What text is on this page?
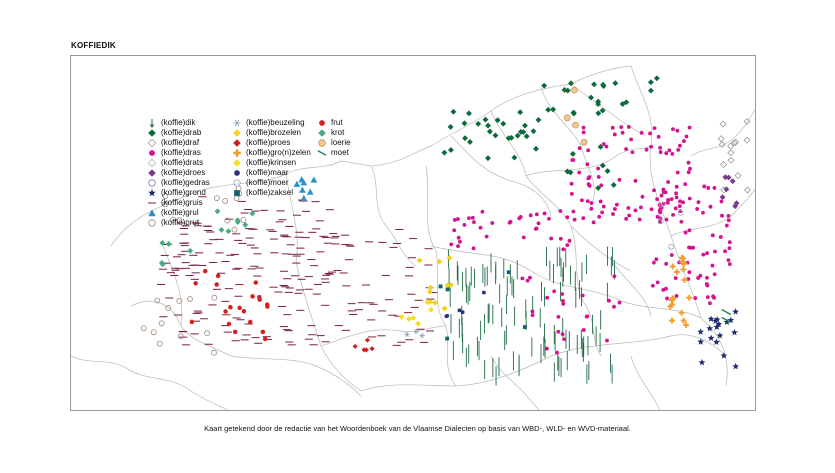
KOFFIEDIK
(koffie)dik
(koffie)drab
(koffie)draf
(koffie)dras
(koffie)drats
(koffie)droes
(koffie)gedras
(koffie)grond
(koffie)gruis
(koffie)grul
(koffie)prut
(koffie)beuzeling
(koffie)brozelen
(koffie)proes
(koffie)gro(n)zelen
(koffie)krinsen
(koffie)maar
(koffie)moer
(koffie)zaksel
frut
krot
loerie
moet
Kaart getekend door de redactie van het Woordenboek van de Vlaamse Dialecten op basis van WBD-, WLD- en WVD-materiaal.
